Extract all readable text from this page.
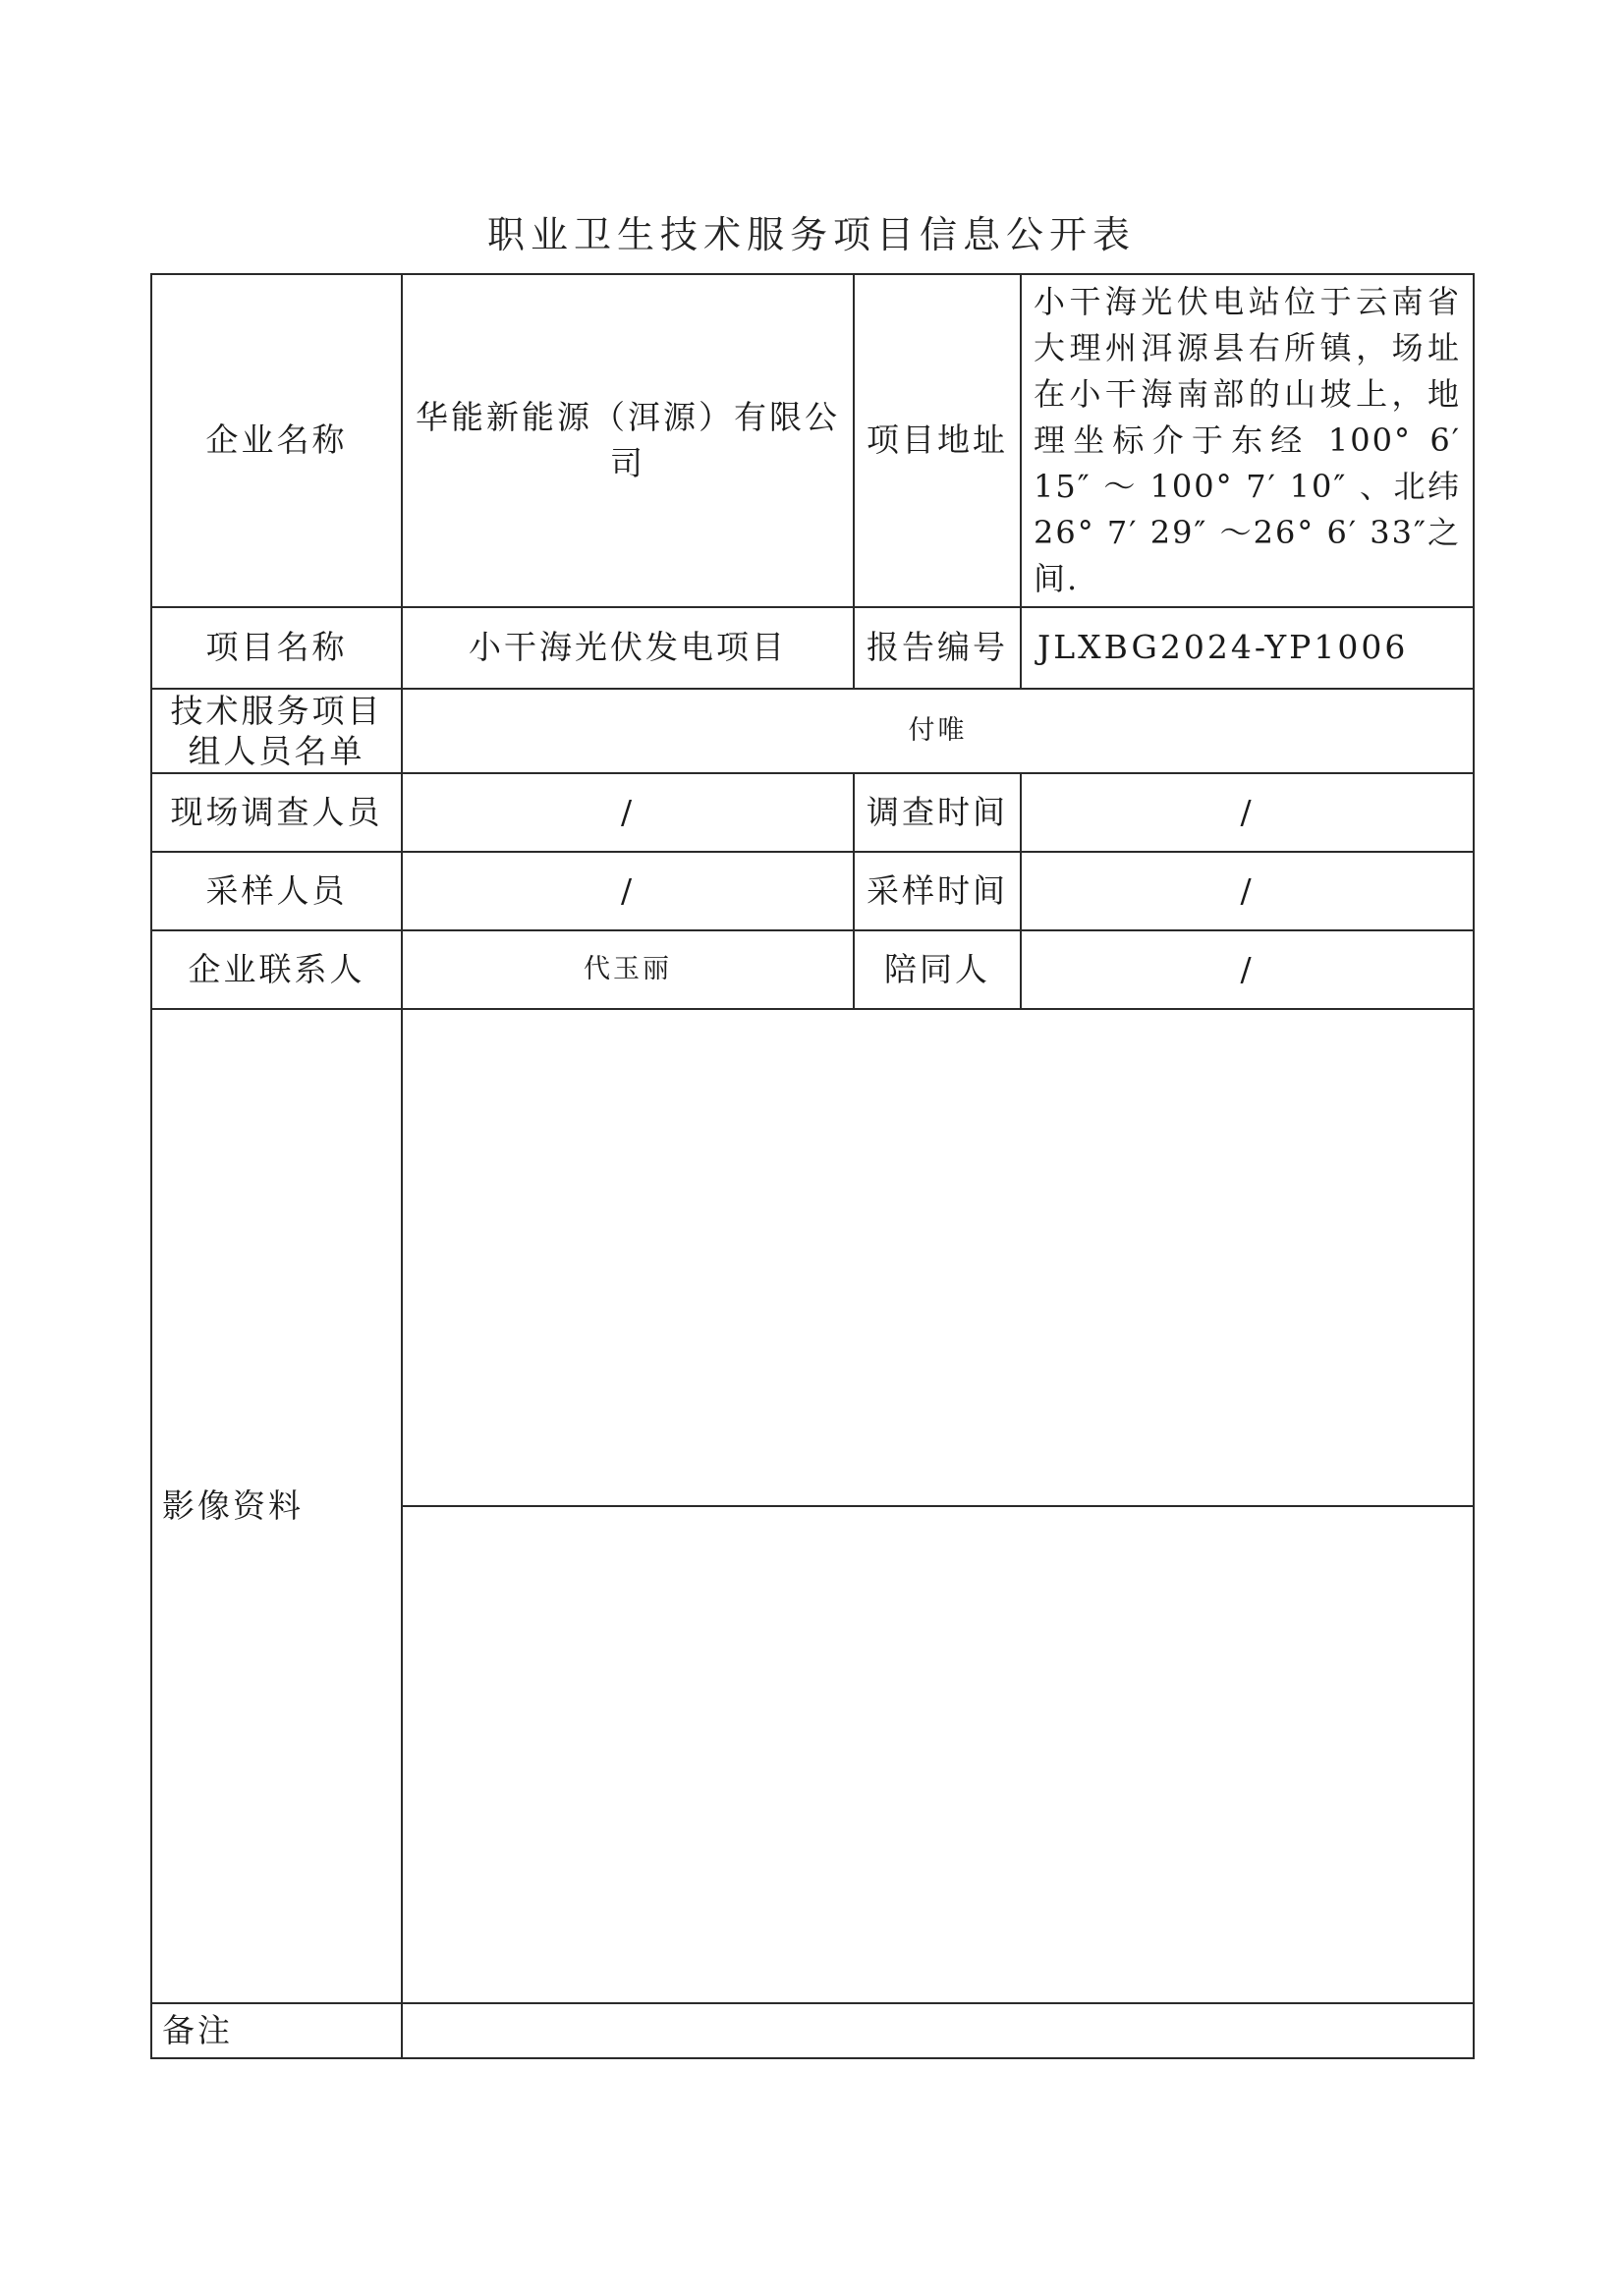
职业卫生技术服务项目信息公开表
企业名称	华能新能源（洱源）有限公司	项目地址	小干海光伏电站位于云南省大理州洱源县右所镇，场址在小干海南部的山坡上，地理坐标介于东经 100° 6′ 15″ ～ 100° 7′ 10″ 、北纬 26° 7′ 29″ ～26° 6′ 33″之间.
项目名称	小干海光伏发电项目	报告编号	JLXBG2024-YP1006
技术服务项目组人员名单	付唯		
现场调查人员	/	调查时间	/
采样人员	/	采样时间	/
企业联系人	代玉丽	陪同人	/
影像资料			

备注			
